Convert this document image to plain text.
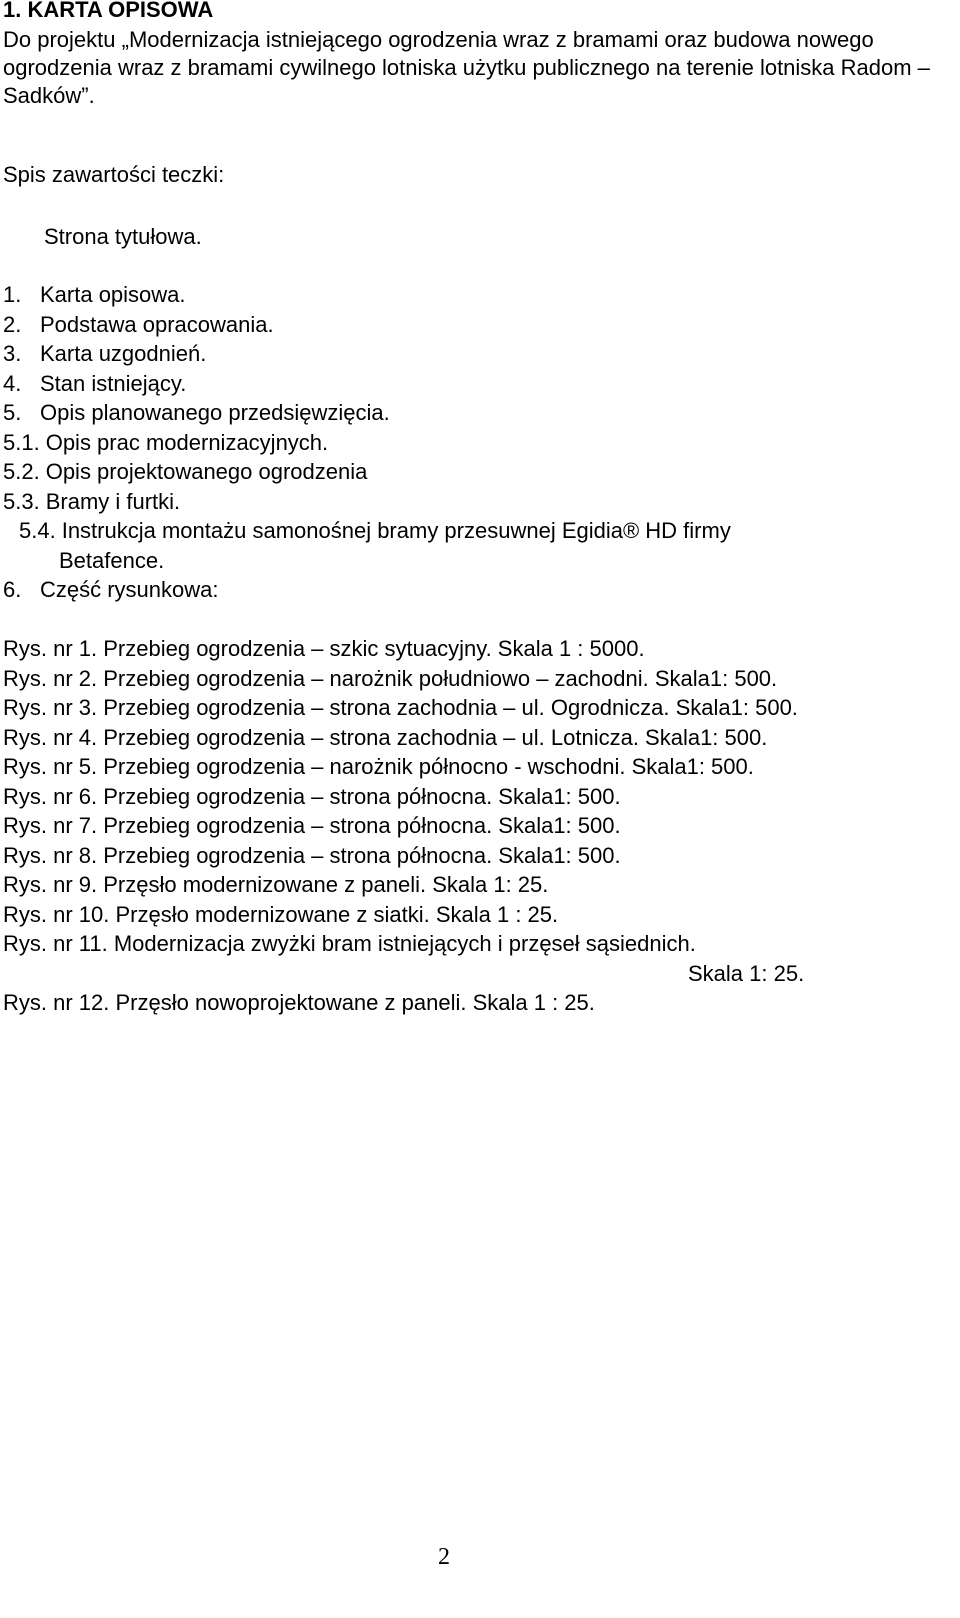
1. KARTA OPISOWA

Do projektu „Modernizacja istniejącego ogrodzenia wraz z bramami oraz budowa nowego ogrodzenia wraz z bramami cywilnego lotniska użytku publicznego na terenie lotniska Radom – Sadków”.

Spis zawartości teczki:

Strona tytułowa.

1. Karta opisowa.
2. Podstawa opracowania.
3. Karta uzgodnień.
4. Stan istniejący.
5. Opis planowanego przedsięwzięcia.
5.1. Opis prac modernizacyjnych.
5.2. Opis projektowanego ogrodzenia
5.3. Bramy i furtki.
5.4. Instrukcja montażu samonośnej bramy przesuwnej Egidia® HD firmy
Betafence.
6. Część rysunkowa:
Rys. nr 1. Przebieg ogrodzenia – szkic sytuacyjny. Skala 1 : 5000.
Rys. nr 2. Przebieg ogrodzenia – narożnik południowo – zachodni. Skala1: 500.
Rys. nr 3. Przebieg ogrodzenia – strona zachodnia – ul. Ogrodnicza. Skala1: 500.
Rys. nr 4. Przebieg ogrodzenia – strona zachodnia – ul. Lotnicza. Skala1: 500.
Rys. nr 5. Przebieg ogrodzenia – narożnik północno - wschodni. Skala1: 500.
Rys. nr 6. Przebieg ogrodzenia – strona północna. Skala1: 500.
Rys. nr 7. Przebieg ogrodzenia – strona północna. Skala1: 500.
Rys. nr 8. Przebieg ogrodzenia – strona północna. Skala1: 500.
Rys. nr 9. Przęsło modernizowane z paneli. Skala 1: 25.
Rys. nr 10. Przęsło modernizowane z siatki. Skala 1 : 25.
Rys. nr 11. Modernizacja zwyżki bram istniejących i przęseł sąsiednich.
Skala 1: 25.
Rys. nr 12. Przęsło nowoprojektowane z paneli. Skala 1 : 25.

2
